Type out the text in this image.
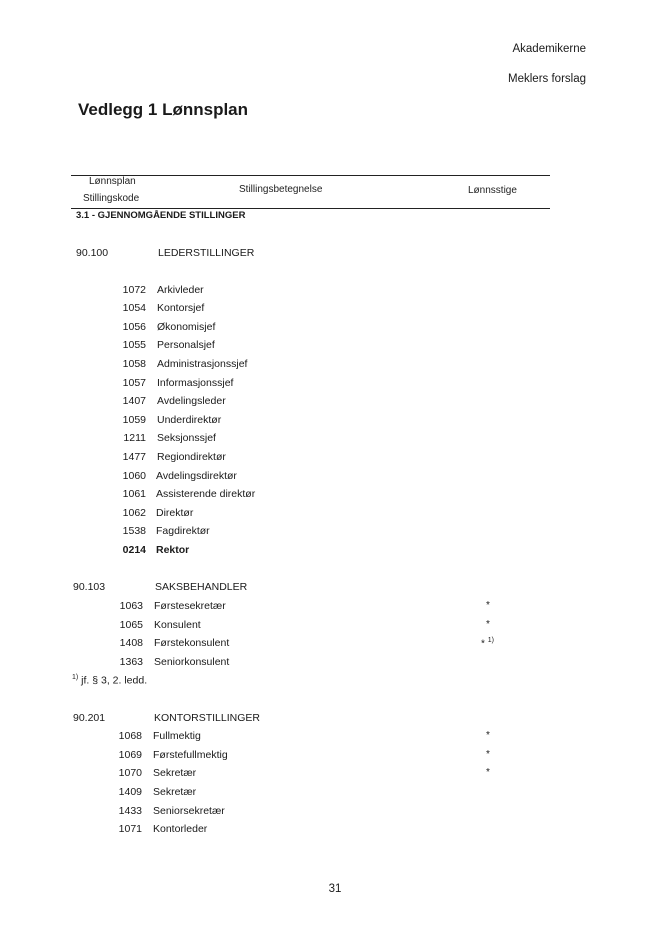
Akademikerne
Meklers forslag
Vedlegg 1 Lønnsplan
Lønnsplan
Stillingskode
Stillingsbetegnelse	Lønnsstige
3.1 - GJENNOMGÅENDE STILLINGER
90.100	LEDERSTILLINGER
1072 Arkivleder
1054 Kontorsjef
1056 Økonomisjef
1055 Personalsjef
1058 Administrasjonssjef
1057 Informasjonssjef
1407 Avdelingsleder
1059 Underdirektør
1211 Seksjonssjef
1477 Regiondirektør
1060 Avdelingsdirektør
1061 Assisterende direktør
1062 Direktør
1538 Fagdirektør
0214 Rektor
90.103	SAKSBEHANDLER
1063 Førstesekretær	*
1065 Konsulent	*
1408 Førstekonsulent	* $^{1)}$
1363 Seniorkonsulent
$^{1)}$ jf. § 3, 2. ledd.
90.201	KONTORSTILLINGER
1068 Fullmektig	*
1069 Førstefullmektig	*
1070 Sekretær	*
1409 Sekretær
1433 Seniorsekretær
1071 Kontorleder
31
